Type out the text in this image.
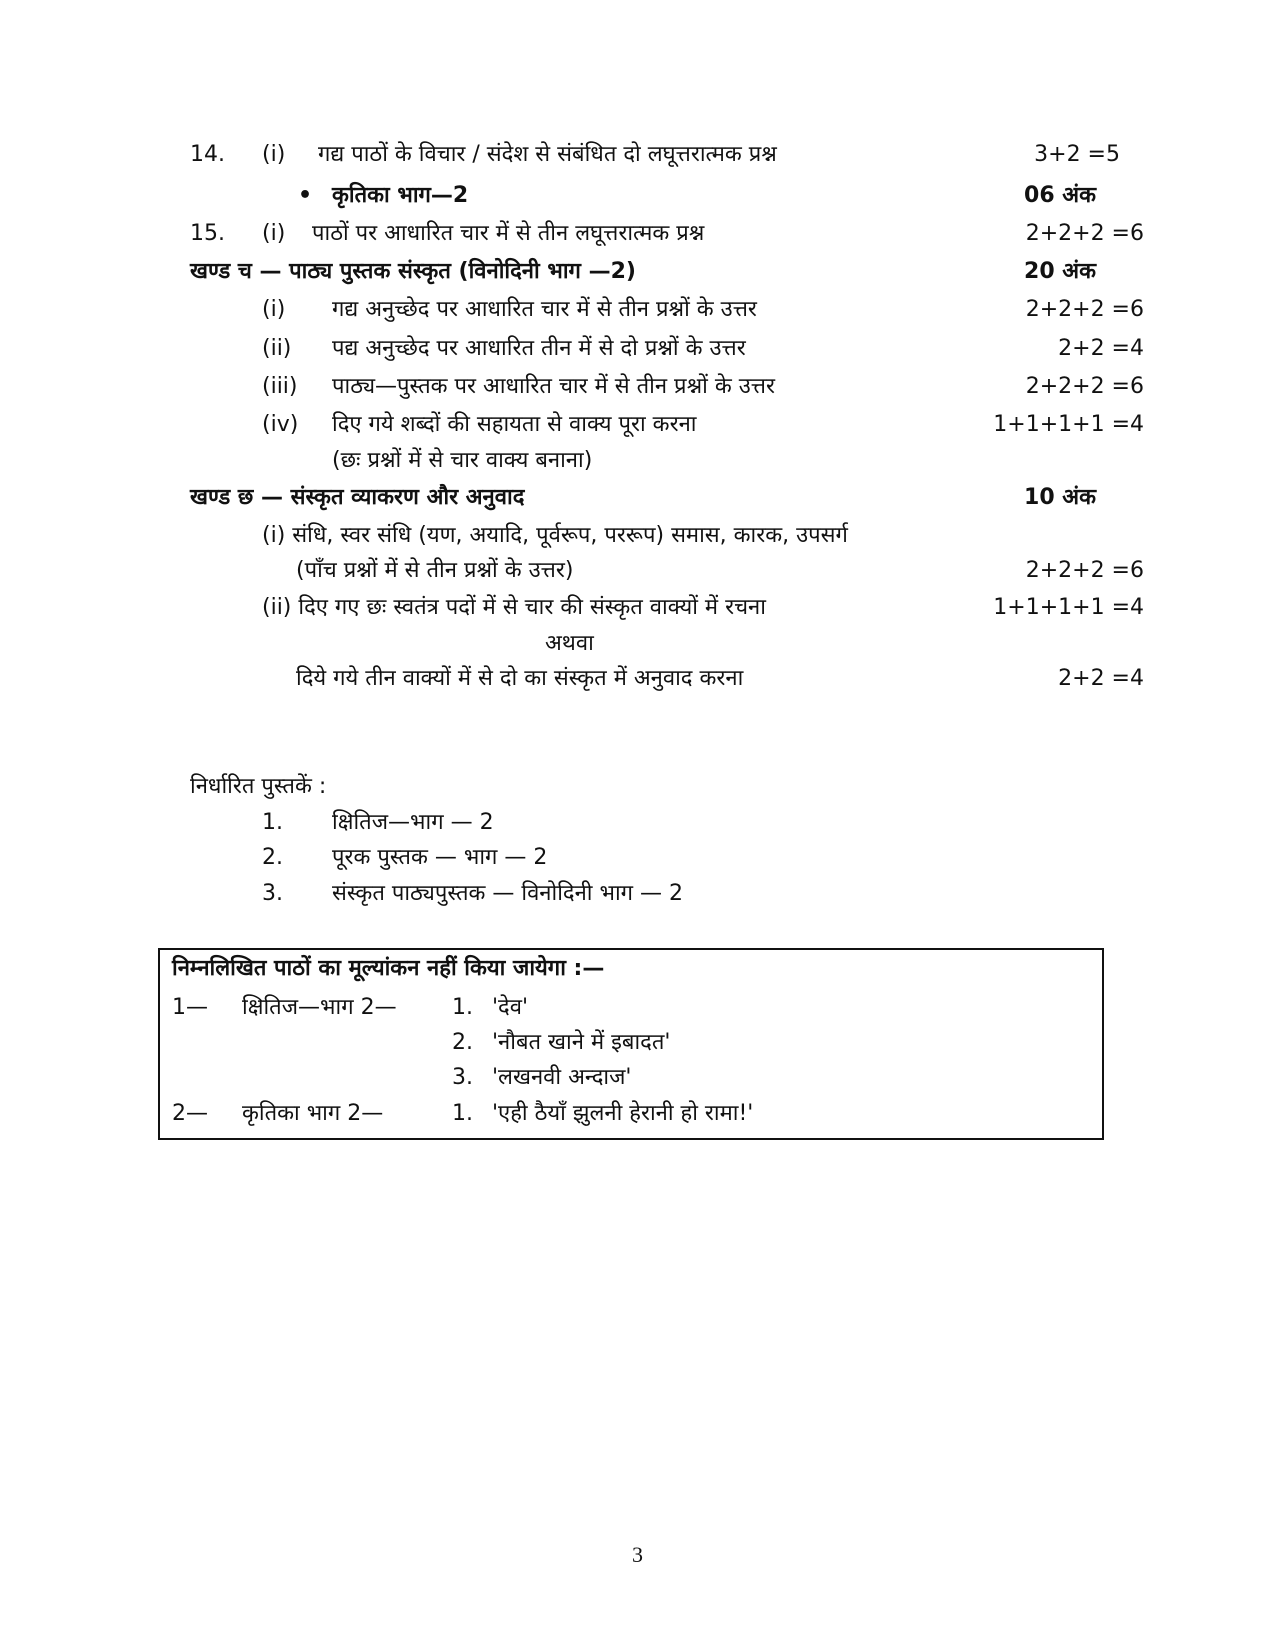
14. (i) गद्य पाठों के विचार / संदेश से संबंधित दो लघूत्तरात्मक प्रश्न	3+2 =5
• कृतिका भाग—2	06 अंक
15. (i) पाठों पर आधारित चार में से तीन लघूत्तरात्मक प्रश्न	2+2+2 =6
खण्ड च — पाठ्य पुस्तक संस्कृत (विनोदिनी भाग —2)	20 अंक
(i) गद्य अनुच्छेद पर आधारित चार में से तीन प्रश्नों के उत्तर	2+2+2 =6
(ii) पद्य अनुच्छेद पर आधारित तीन में से दो प्रश्नों के उत्तर	2+2 =4
(iii) पाठ्य—पुस्तक पर आधारित चार में से तीन प्रश्नों के उत्तर	2+2+2 =6
(iv) दिए गये शब्दों की सहायता से वाक्य पूरा करना	1+1+1+1 =4
(छः प्रश्नों में से चार वाक्य बनाना)
खण्ड छ — संस्कृत व्याकरण और अनुवाद	10 अंक
(i) संधि, स्वर संधि (यण, अयादि, पूर्वरूप, पररूप) समास, कारक, उपसर्ग
(पाँच प्रश्नों में से तीन प्रश्नों के उत्तर)	2+2+2 =6
(ii) दिए गए छः स्वतंत्र पदों में से चार की संस्कृत वाक्यों में रचना	1+1+1+1 =4
अथवा
दिये गये तीन वाक्यों में से दो का संस्कृत में अनुवाद करना	2+2 =4
निर्धारित पुस्तकें :
1. क्षितिज—भाग — 2
2. पूरक पुस्तक — भाग — 2
3. संस्कृत पाठ्यपुस्तक — विनोदिनी भाग — 2
निम्नलिखित पाठों का मूल्यांकन नहीं किया जायेगा :—
1— क्षितिज—भाग 2—	1. 'देव'
2. 'नौबत खाने में इबादत'
3. 'लखनवी अन्दाज'
2— कृतिका भाग 2—	1. 'एही ठैयाँ झुलनी हेरानी हो रामा!'
3
